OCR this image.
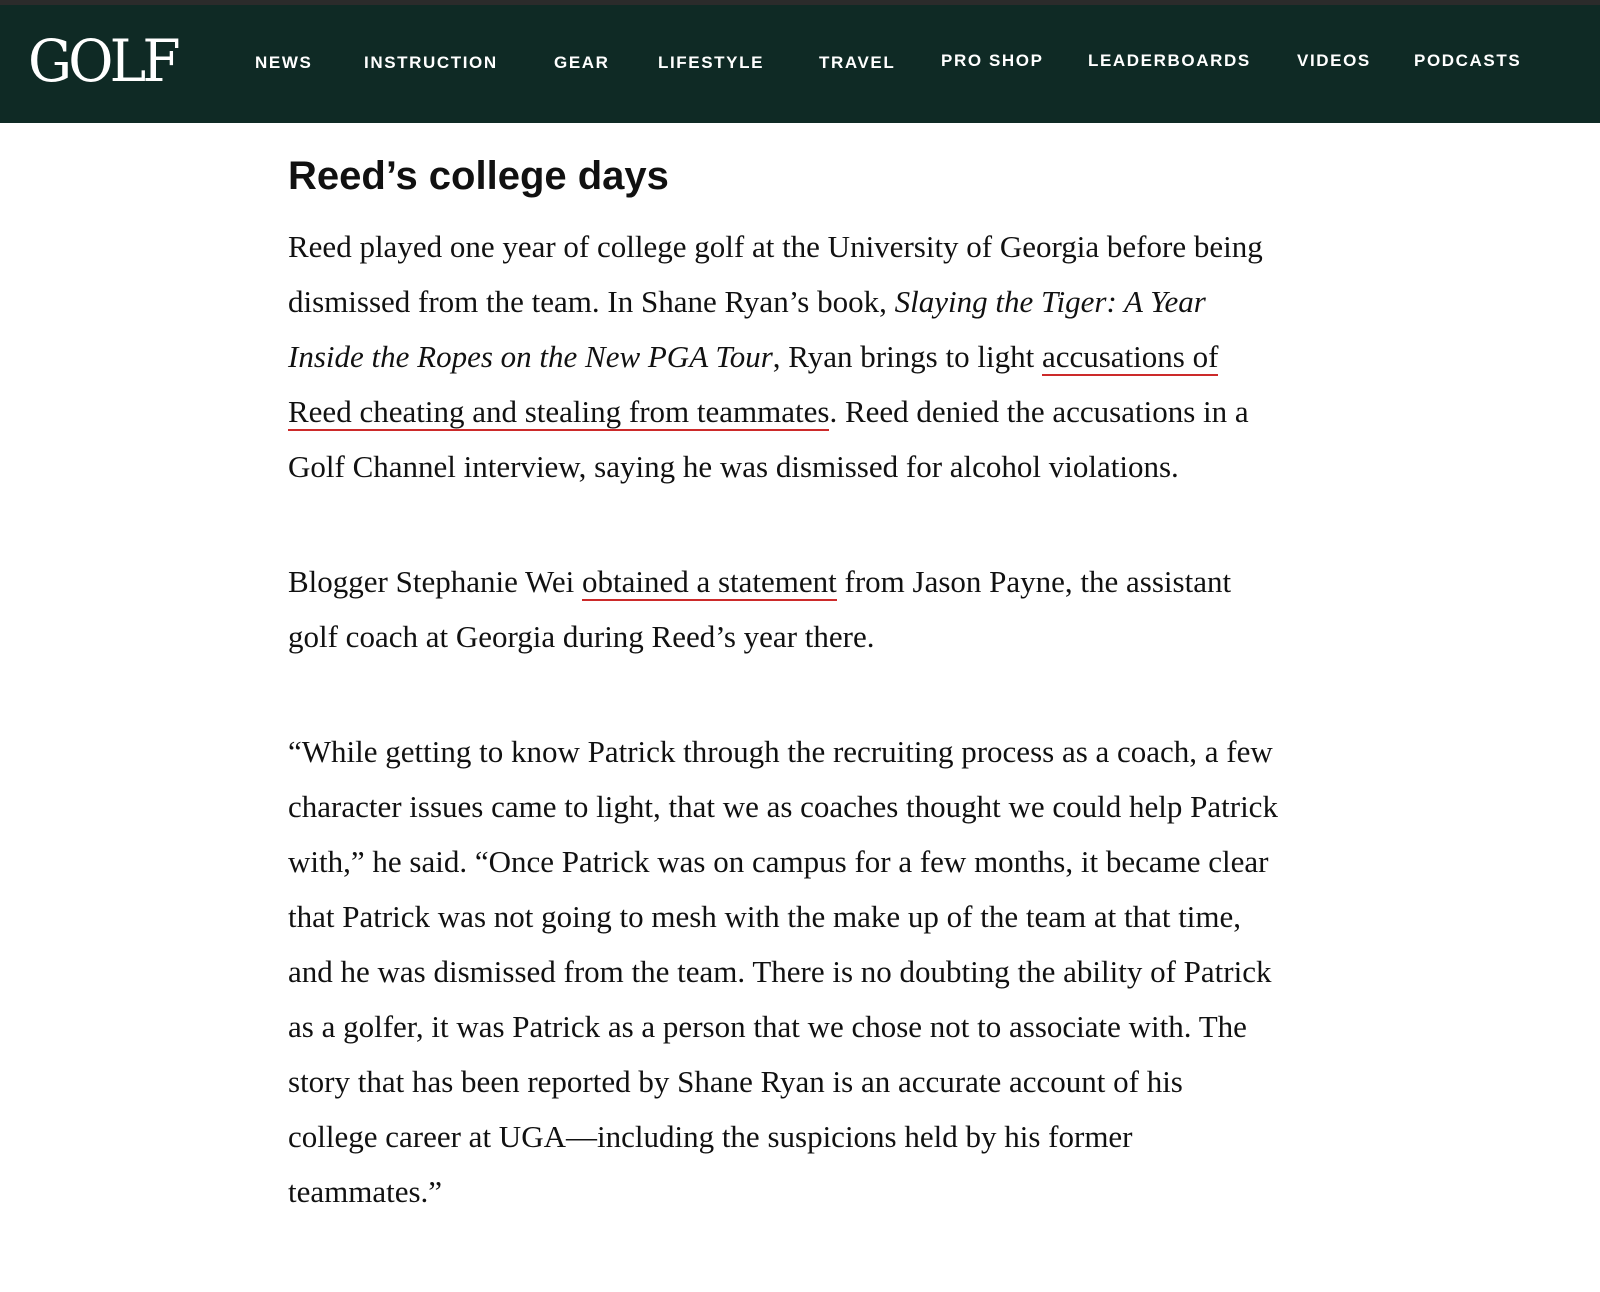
GOLF	NEWS	INSTRUCTION	GEAR	LIFESTYLE	TRAVEL	PRO SHOP	LEADERBOARDS	VIDEOS	PODCASTS
Reed’s college days

Reed played one year of college golf at the University of Georgia before being dismissed from the team. In Shane Ryan’s book, Slaying the Tiger: A Year Inside the Ropes on the New PGA Tour, Ryan brings to light accusations of Reed cheating and stealing from teammates. Reed denied the accusations in a Golf Channel interview, saying he was dismissed for alcohol violations.

Blogger Stephanie Wei obtained a statement from Jason Payne, the assistant golf coach at Georgia during Reed’s year there.

“While getting to know Patrick through the recruiting process as a coach, a few character issues came to light, that we as coaches thought we could help Patrick with,” he said. “Once Patrick was on campus for a few months, it became clear that Patrick was not going to mesh with the make up of the team at that time, and he was dismissed from the team. There is no doubting the ability of Patrick as a golfer, it was Patrick as a person that we chose not to associate with. The story that has been reported by Shane Ryan is an accurate account of his college career at UGA—including the suspicions held by his former teammates.”
